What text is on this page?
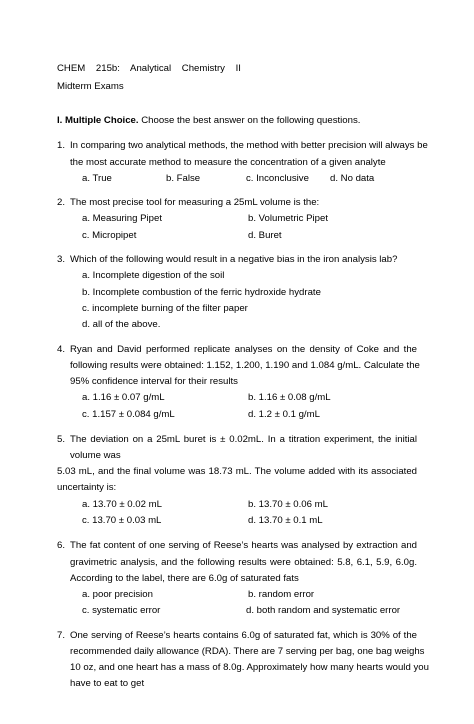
CHEM 215b: Analytical Chemistry II
Midterm Exams
I. Multiple Choice. Choose the best answer on the following questions.
1. In comparing two analytical methods, the method with better precision will always be
the most accurate method to measure the concentration of a given analyte
a. True	b. False	c. Inconclusive d. No data
2. The most precise tool for measuring a 25mL volume is the:
a. Measuring Pipet	b. Volumetric Pipet
c. Micropipet	d. Buret
3. Which of the following would result in a negative bias in the iron analysis lab?
a. Incomplete digestion of the soil
b. Incomplete combustion of the ferric hydroxide hydrate
c. incomplete burning of the filter paper
d. all of the above.
4. Ryan and David performed replicate analyses on the density of Coke and the
following results were obtained: 1.152, 1.200, 1.190 and 1.084 g/mL. Calculate the
95% confidence interval for their results
a. 1.16 ± 0.07 g/mL	b. 1.16 ± 0.08 g/mL
c. 1.157 ± 0.084 g/mL	d. 1.2 ± 0.1 g/mL
5. The deviation on a 25mL buret is ± 0.02mL. In a titration experiment, the initial
volume was
5.03 mL, and the final volume was 18.73 mL. The volume added with its associated
uncertainty is:
a. 13.70 ± 0.02 mL	b. 13.70 ± 0.06 mL
c. 13.70 ± 0.03 mL	d. 13.70 ± 0.1 mL
6. The fat content of one serving of Reese’s hearts was analysed by extraction and
gravimetric analysis, and the following results were obtained: 5.8, 6.1, 5.9, 6.0g.
According to the label, there are 6.0g of saturated fats
a. poor precision	b. random error
c. systematic error	d. both random and systematic error
7. One serving of Reese’s hearts contains 6.0g of saturated fat, which is 30% of the
recommended daily allowance (RDA). There are 7 serving per bag, one bag weighs
10 oz, and one heart has a mass of 8.0g. Approximately how many hearts would you
have to eat to get
